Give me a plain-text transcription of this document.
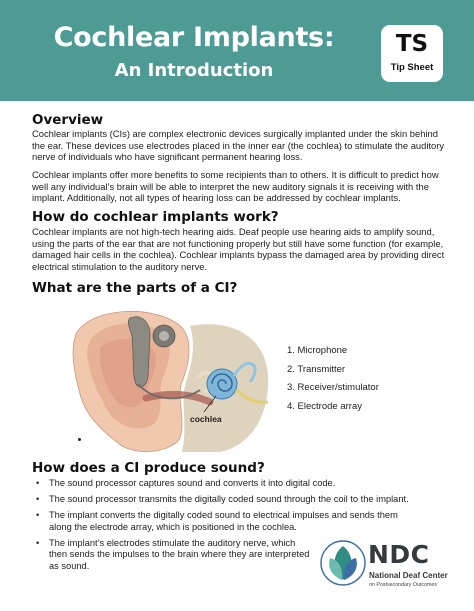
Cochlear Implants:
An Introduction
TS
Tip Sheet
Overview

Cochlear implants (CIs) are complex electronic devices surgically implanted under the skin behind the ear. These devices use electrodes placed in the inner ear (the cochlea) to stimulate the auditory nerve of individuals who have significant permanent hearing loss.

Cochlear implants offer more benefits to some recipients than to others. It is difficult to predict how well any individual’s brain will be able to interpret the new auditory signals it is receiving with the implant. Additionally, not all types of hearing loss can be addressed by cochlear implants.

How do cochlear implants work?

Cochlear implants are not high-tech hearing aids. Deaf people use hearing aids to amplify sound, using the parts of the ear that are not functioning properly but still have some function (for example, damaged hair cells in the cochlea). Cochlear implants bypass the damaged area by providing direct electrical stimulation to the auditory nerve.

What are the parts of a CI?
cochlea
1. Microphone
2. Transmitter
3. Receiver/stimulator
4. Electrode array
How does a CI produce sound?
• The sound processor captures sound and converts it into digital code.
• The sound processor transmits the digitally coded sound through the coil to the implant.
• The implant converts the digitally coded sound to electrical impulses and sends them along the electrode array, which is positioned in the cochlea.
• The implant’s electrodes stimulate the auditory nerve, which then sends the impulses to the brain where they are interpreted as sound.	NDC
National Deaf Center
on Postsecondary Outcomes
